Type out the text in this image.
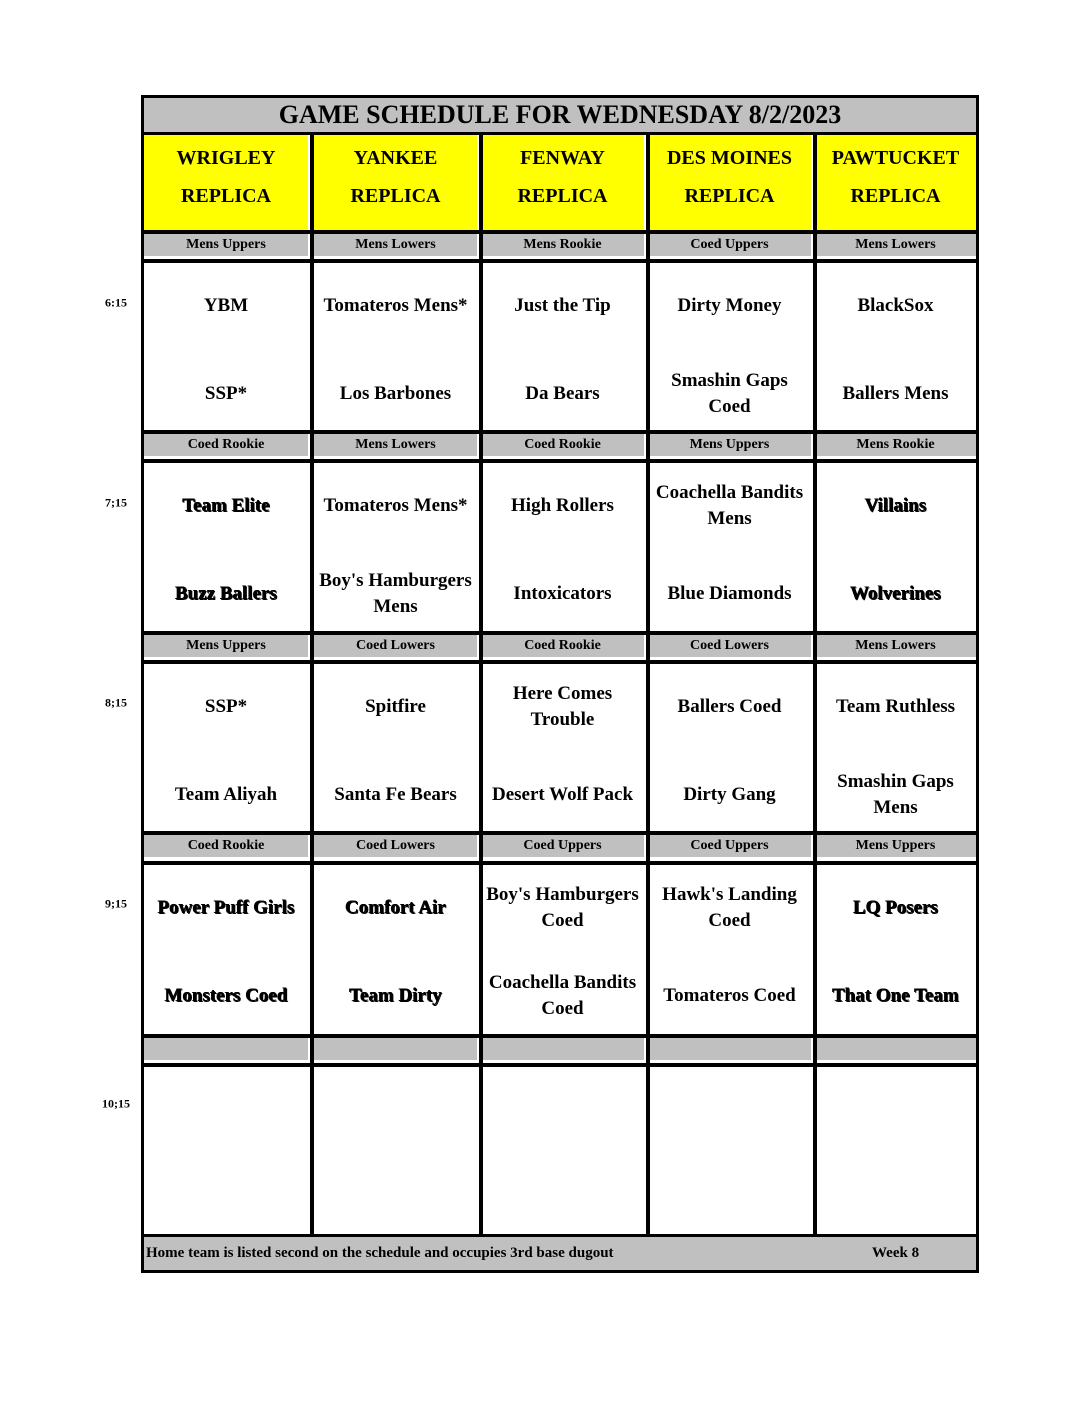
6:15
7;15
8;15
9;15
10;15
GAME SCHEDULE FOR WEDNESDAY 8/2/2023
WRIGLEY
REPLICA
YANKEE
REPLICA
FENWAY
REPLICA
DES MOINES
REPLICA
PAWTUCKET
REPLICA
Mens Uppers
YBM
SSP*
Mens Lowers
Tomateros Mens*
Los Barbones
Mens Rookie
Just the Tip
Da Bears
Coed Uppers
Dirty Money
Smashin Gaps Coed
Mens Lowers
BlackSox
Ballers Mens
Coed Rookie
Team Elite
Buzz Ballers
Mens Lowers
Tomateros Mens*
Boy's Hamburgers Mens
Coed Rookie
High Rollers
Intoxicators
Mens Uppers
Coachella Bandits Mens
Blue Diamonds
Mens Rookie
Villains
Wolverines
Mens Uppers
SSP*
Team Aliyah
Coed Lowers
Spitfire
Santa Fe Bears
Coed Rookie
Here Comes Trouble
Desert Wolf Pack
Coed Lowers
Ballers Coed
Dirty Gang
Mens Lowers
Team Ruthless
Smashin Gaps Mens
Coed Rookie
Power Puff Girls
Monsters Coed
Coed Lowers
Comfort Air
Team Dirty
Coed Uppers
Boy's Hamburgers Coed
Coachella Bandits Coed
Coed Uppers
Hawk's Landing Coed
Tomateros Coed
Mens Uppers
LQ Posers
That One Team
Home team is listed second on the schedule and occupies 3rd base dugout	Week 8
